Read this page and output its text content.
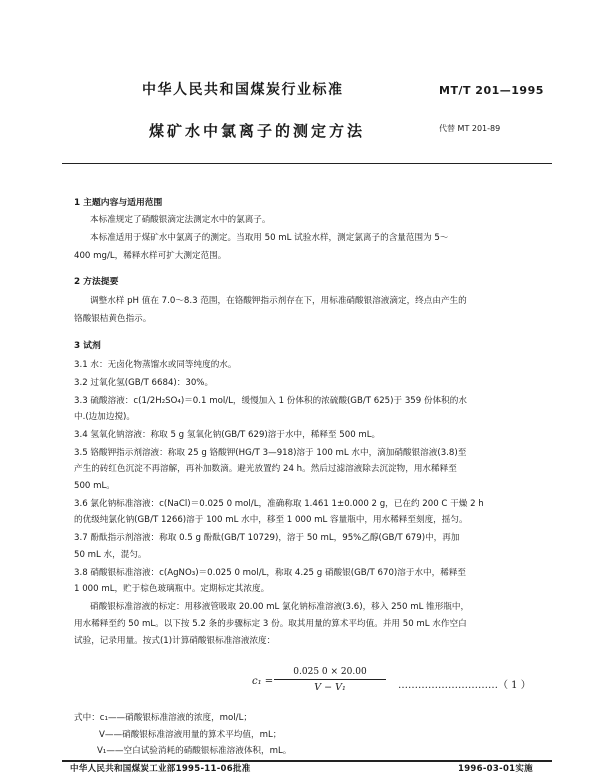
中华人民共和国煤炭行业标准	MT/T 201—1995
煤矿水中氯离子的测定方法	代替 MT 201-89
1 主题内容与适用范围
本标准规定了硝酸银滴定法测定水中的氯离子。
本标准适用于煤矿水中氯离子的测定。当取用 50 mL 试验水样，测定氯离子的含量范围为 5～
400 mg/L，稀释水样可扩大测定范围。
2 方法提要
调整水样 pH 值在 7.0～8.3 范围，在铬酸钾指示剂存在下，用标准硝酸银溶液滴定，终点由产生的
铬酸银桔黄色指示。
3 试剂
3.1 水：无卤化物蒸馏水或同等纯度的水。
3.2 过氧化氢(GB/T 6684)：30%。
3.3 硫酸溶液：c(1/2H₂SO₄)＝0.1 mol/L，缓慢加入 1 份体积的浓硫酸(GB/T 625)于 359 份体积的水
中.(边加边搅)。
3.4 氢氧化钠溶液：称取 5 g 氢氧化钠(GB/T 629)溶于水中，稀释至 500 mL。
3.5 铬酸钾指示剂溶液：称取 25 g 铬酸钾(HG/T 3—918)溶于 100 mL 水中，滴加硝酸银溶液(3.8)至
产生的砖红色沉淀不再溶解，再补加数滴。避光放置约 24 h。然后过滤溶液除去沉淀物，用水稀释至
500 mL。
3.6 氯化钠标准溶液：c(NaCl)＝0.025 0 mol/L，准确称取 1.461 1±0.000 2 g，已在约 200 C 干燥 2 h
的优级纯氯化钠(GB/T 1266)溶于 100 mL 水中，移至 1 000 mL 容量瓶中，用水稀释至刻度，摇匀。
3.7 酚酞指示剂溶液：称取 0.5 g 酚酞(GB/T 10729)，溶于 50 mL，95%乙醇(GB/T 679)中，再加
50 mL 水，混匀。
3.8 硝酸银标准溶液：c(AgNO₃)＝0.025 0 mol/L，称取 4.25 g 硝酸银(GB/T 670)溶于水中，稀释至
1 000 mL，贮于棕色玻璃瓶中。定期标定其浓度。
硝酸银标准溶液的标定：用移液管吸取 20.00 mL 氯化钠标准溶液(3.6)，移入 250 mL 锥形瓶中，
用水稀释至约 50 mL。以下按 5.2 条的步骤标定 3 份。取其用量的算术平均值。并用 50 mL 水作空白
试验，记录用量。按式(1)计算硝酸银标准溶液浓度：
c₁ =
0.025 0 × 20.00
V − V₁	…………………………（ 1 ）
式中：c₁——硝酸银标准溶液的浓度，mol/L；
V——硝酸银标准溶液用量的算术平均值，mL；
V₁——空白试验消耗的硝酸银标准溶液体积，mL。
中华人民共和国煤炭工业部1995-11-06批准	1996-03-01实施
